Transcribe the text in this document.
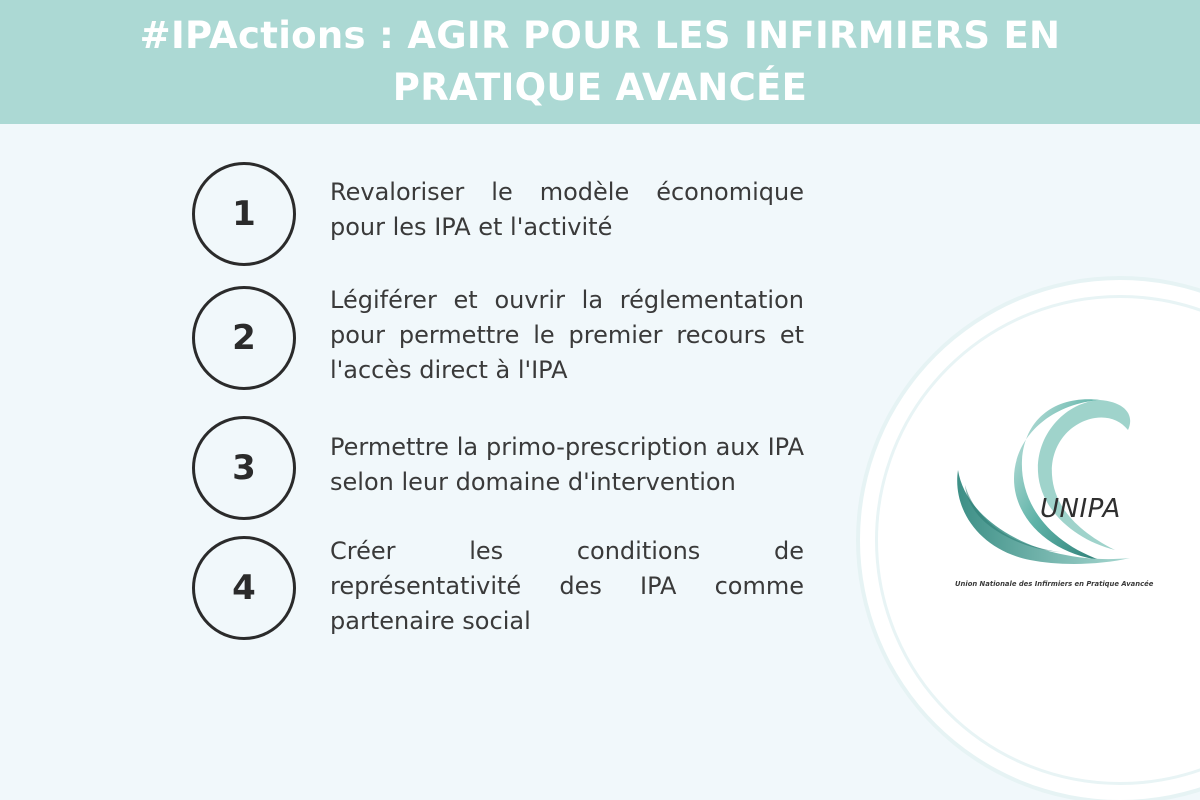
#IPActions : AGIR POUR LES INFIRMIERS EN PRATIQUE AVANCÉE
1
Revaloriser le modèle économique pour les IPA et l'activité
2
Légiférer et ouvrir la réglementation pour permettre le premier recours et l'accès direct à l'IPA
3
Permettre la primo-prescription aux IPA selon leur domaine d'intervention
4
Créer les conditions de représentativité des IPA comme partenaire social
UNIPA
Union Nationale des Infirmiers en Pratique Avancée
